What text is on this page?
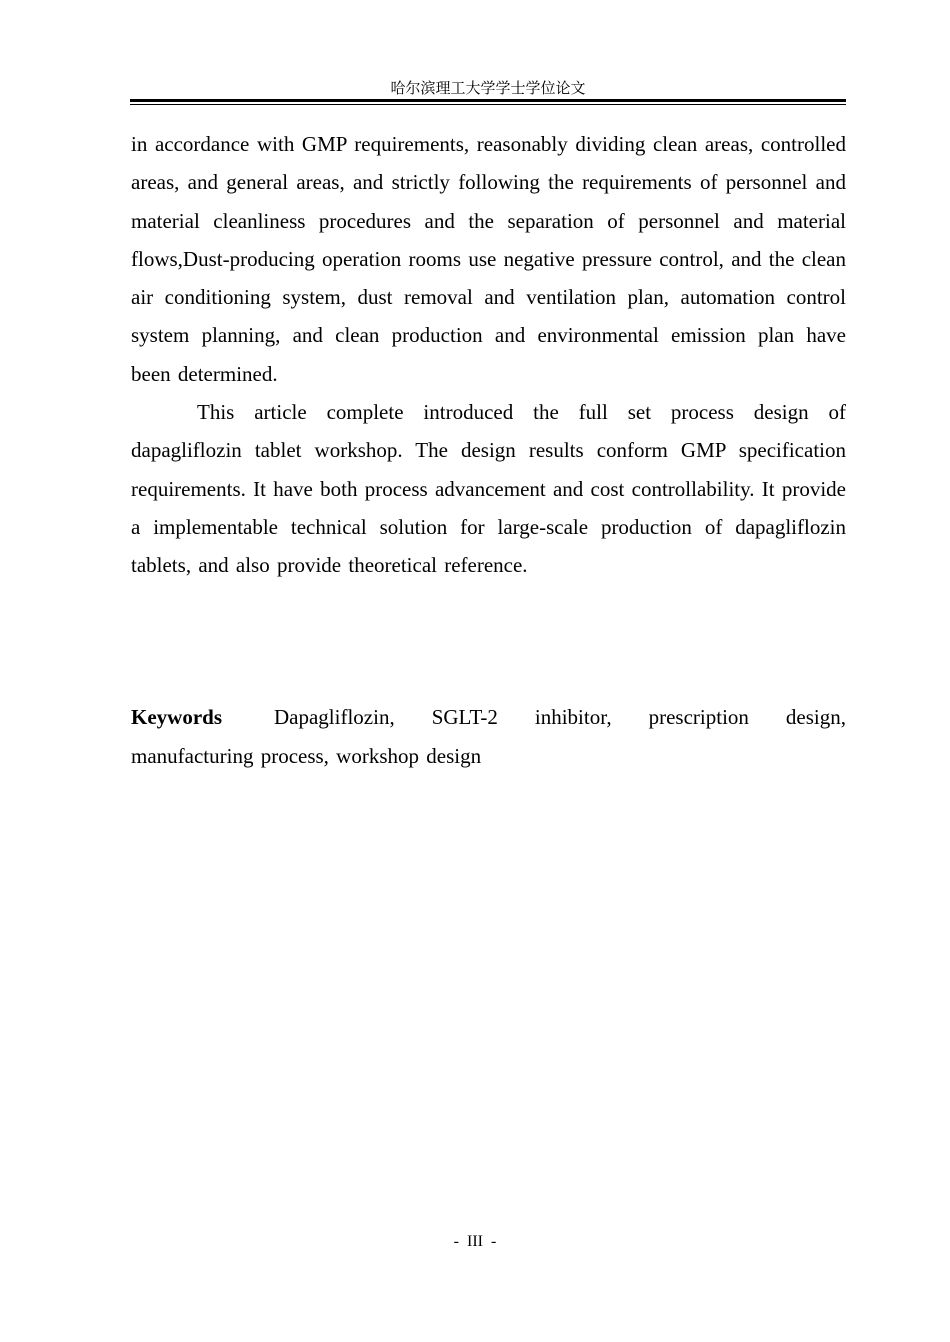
哈尔滨理工大学学士学位论文

in accordance with GMP requirements, reasonably dividing clean areas, controlled areas, and general areas, and strictly following the requirements of personnel and material cleanliness procedures and the separation of personnel and material flows,Dust-producing operation rooms use negative pressure control, and the clean air conditioning system, dust removal and ventilation plan, automation control system planning, and clean production and environmental emission plan have been determined.

This article complete introduced the full set process design of dapagliflozin tablet workshop. The design results conform GMP specification requirements. It have both process advancement and cost controllability. It provide a implementable technical solution for large-scale production of dapagliflozin tablets, and also provide theoretical reference.

Keywords Dapagliflozin, SGLT-2 inhibitor, prescription design, manufacturing process, workshop design

- III -
